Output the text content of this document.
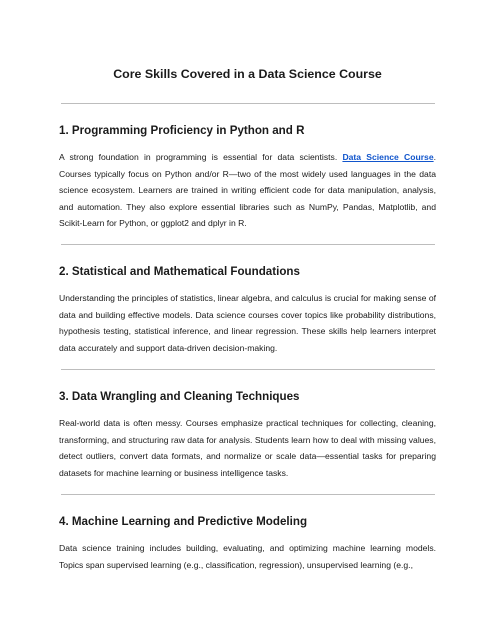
Core Skills Covered in a Data Science Course
1. Programming Proficiency in Python and R

A strong foundation in programming is essential for data scientists. Data Science Course. Courses typically focus on Python and/or R—two of the most widely used languages in the data science ecosystem. Learners are trained in writing efficient code for data manipulation, analysis, and automation. They also explore essential libraries such as NumPy, Pandas, Matplotlib, and Scikit-Learn for Python, or ggplot2 and dplyr in R.

2. Statistical and Mathematical Foundations

Understanding the principles of statistics, linear algebra, and calculus is crucial for making sense of data and building effective models. Data science courses cover topics like probability distributions, hypothesis testing, statistical inference, and linear regression. These skills help learners interpret data accurately and support data-driven decision-making.

3. Data Wrangling and Cleaning Techniques

Real-world data is often messy. Courses emphasize practical techniques for collecting, cleaning, transforming, and structuring raw data for analysis. Students learn how to deal with missing values, detect outliers, convert data formats, and normalize or scale data—essential tasks for preparing datasets for machine learning or business intelligence tasks.

4. Machine Learning and Predictive Modeling

Data science training includes building, evaluating, and optimizing machine learning models. Topics span supervised learning (e.g., classification, regression), unsupervised learning (e.g.,
